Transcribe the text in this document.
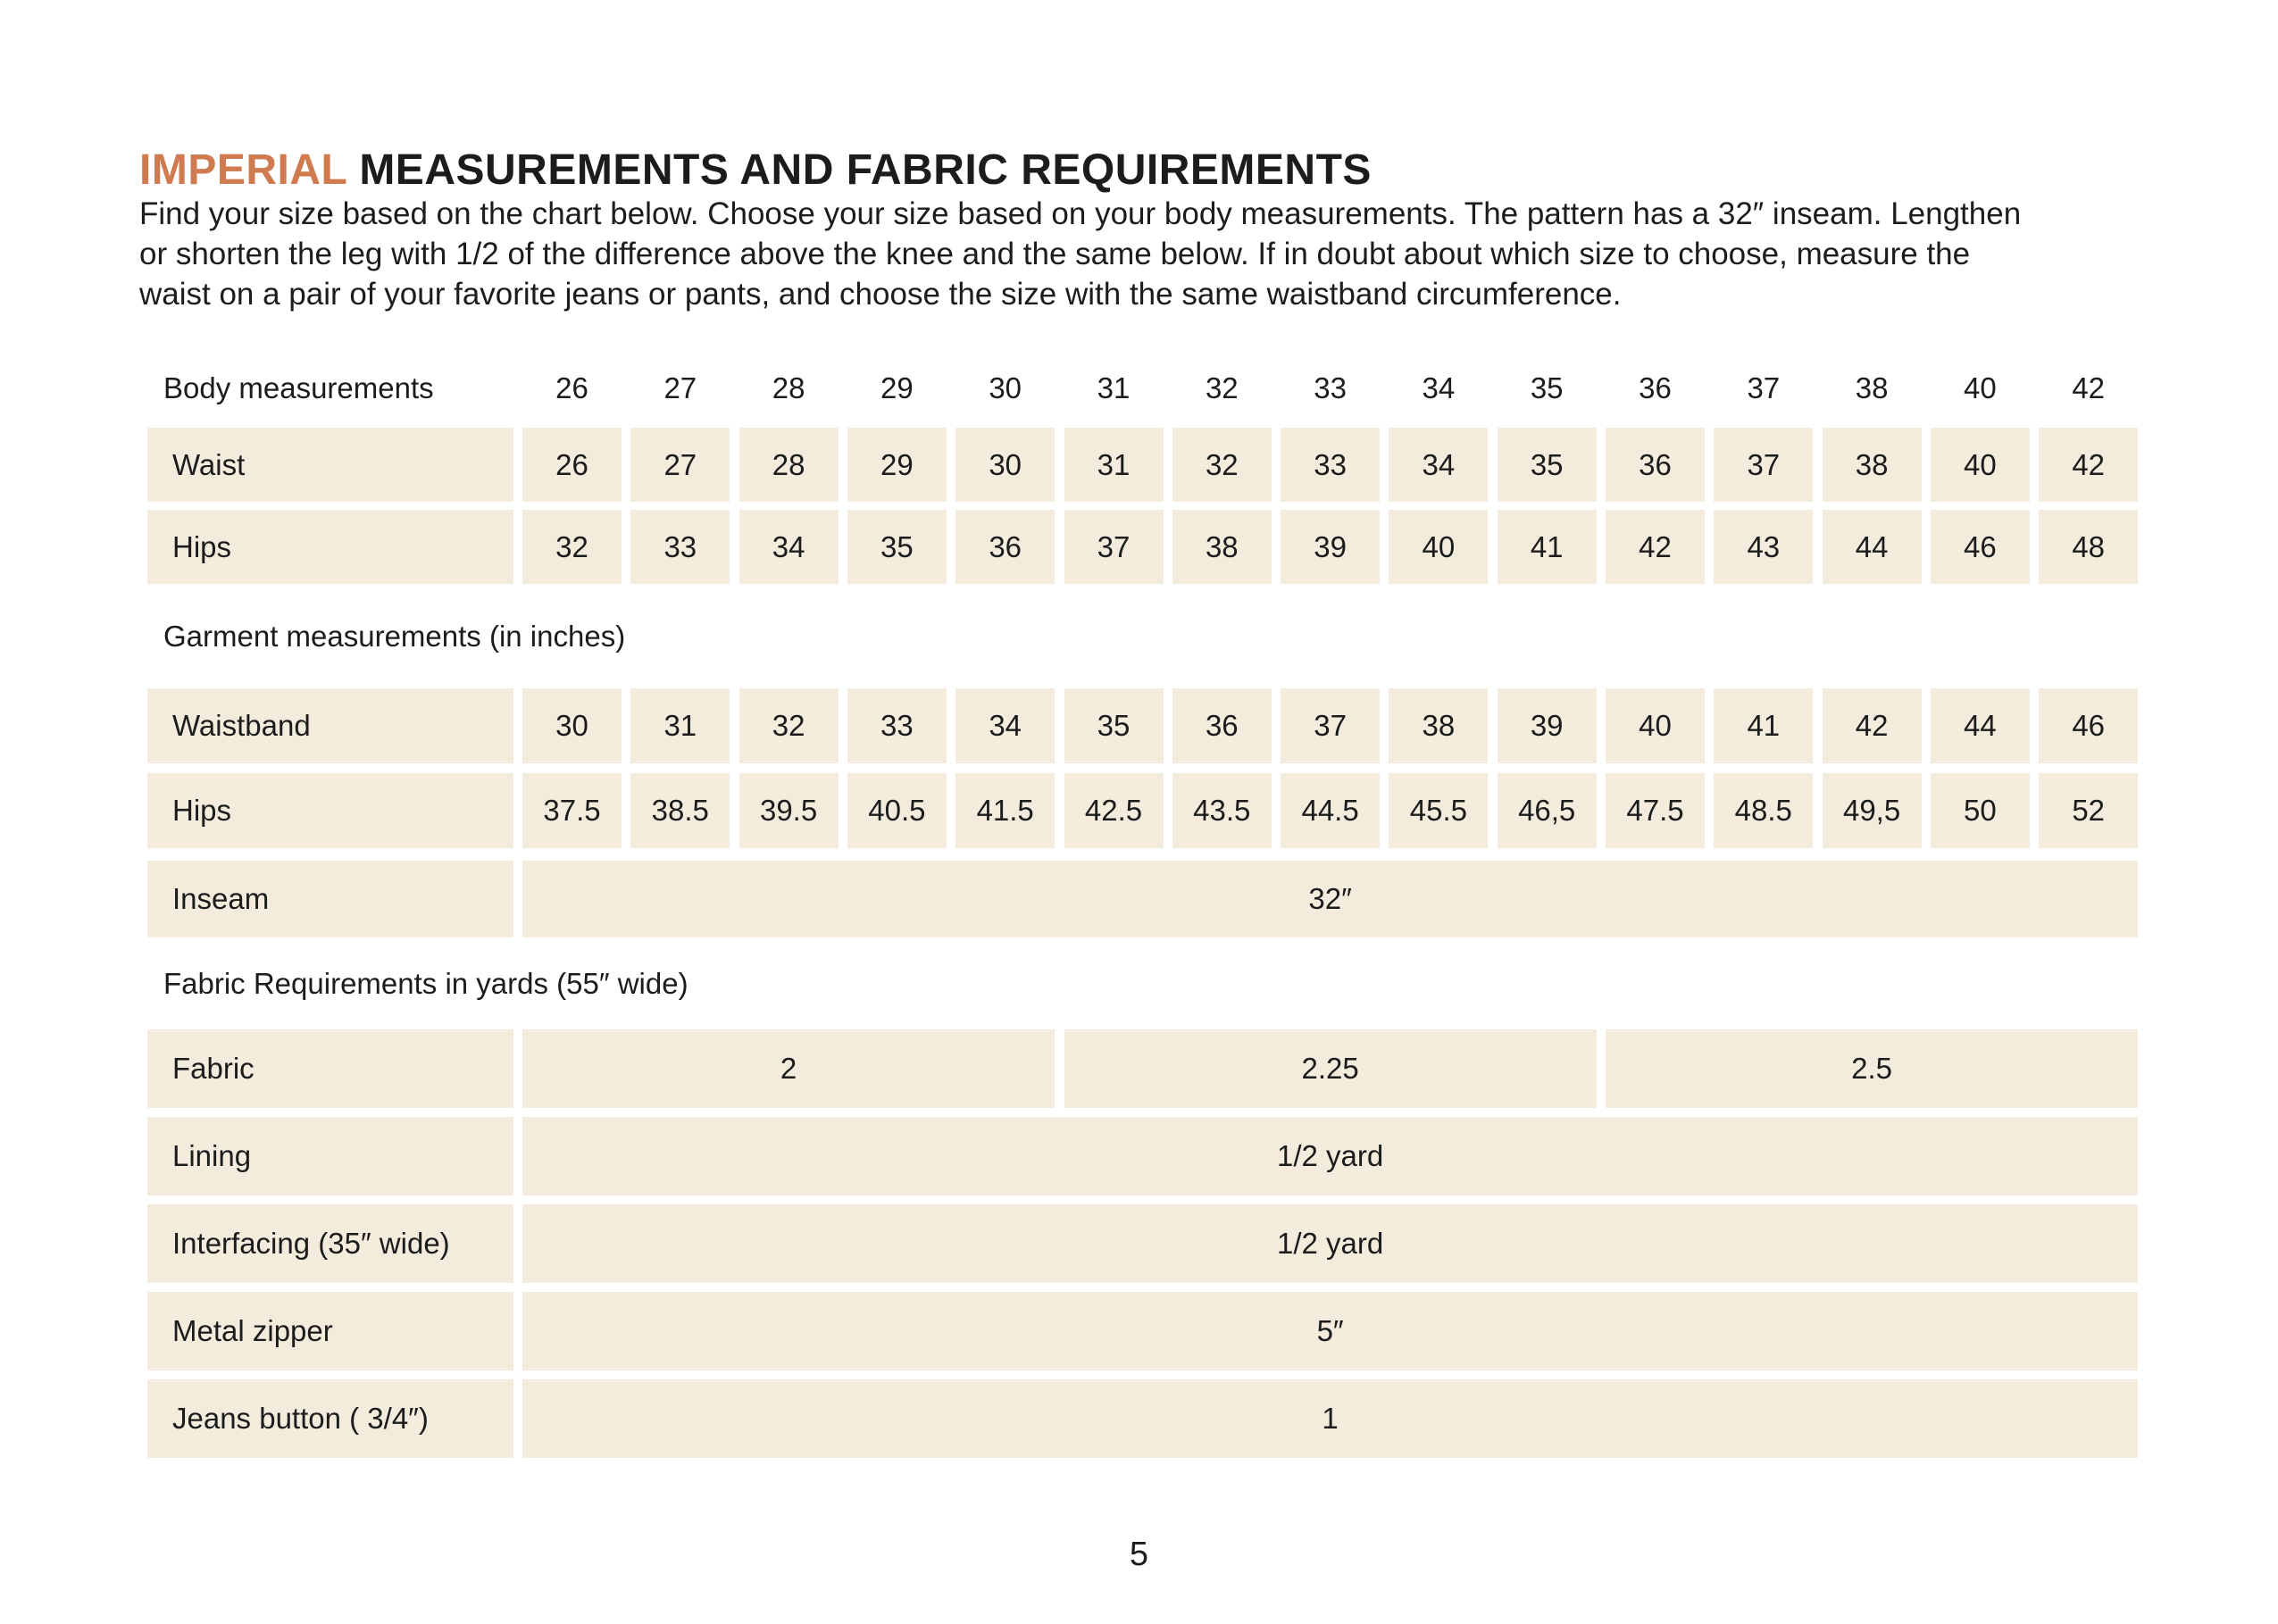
IMPERIAL MEASUREMENTS AND FABRIC REQUIREMENTS
Find your size based on the chart below. Choose your size based on your body measurements. The pattern has a 32″ inseam. Lengthen
or shorten the leg with 1/2 of the difference above the knee and the same below. If in doubt about which size to choose, measure the
waist on a pair of your favorite jeans or pants, and choose the size with the same waistband circumference.
Body measurements	26	27	28	29	30	31	32	33	34	35	36	37	38	40	42
Waist	26	27	28	29	30	31	32	33	34	35	36	37	38	40	42
Hips	32	33	34	35	36	37	38	39	40	41	42	43	44	46	48
Garment measurements (in inches)
Waistband	30	31	32	33	34	35	36	37	38	39	40	41	42	44	46
Hips	37.5	38.5	39.5	40.5	41.5	42.5	43.5	44.5	45.5	46,5	47.5	48.5	49,5	50	52
Inseam	32″
Fabric Requirements in yards (55″ wide)
Fabric	2	2.25	2.5
Lining	1/2 yard
Interfacing (35″ wide)	1/2 yard
Metal zipper	5″
Jeans button ( 3/4″)	1
5
